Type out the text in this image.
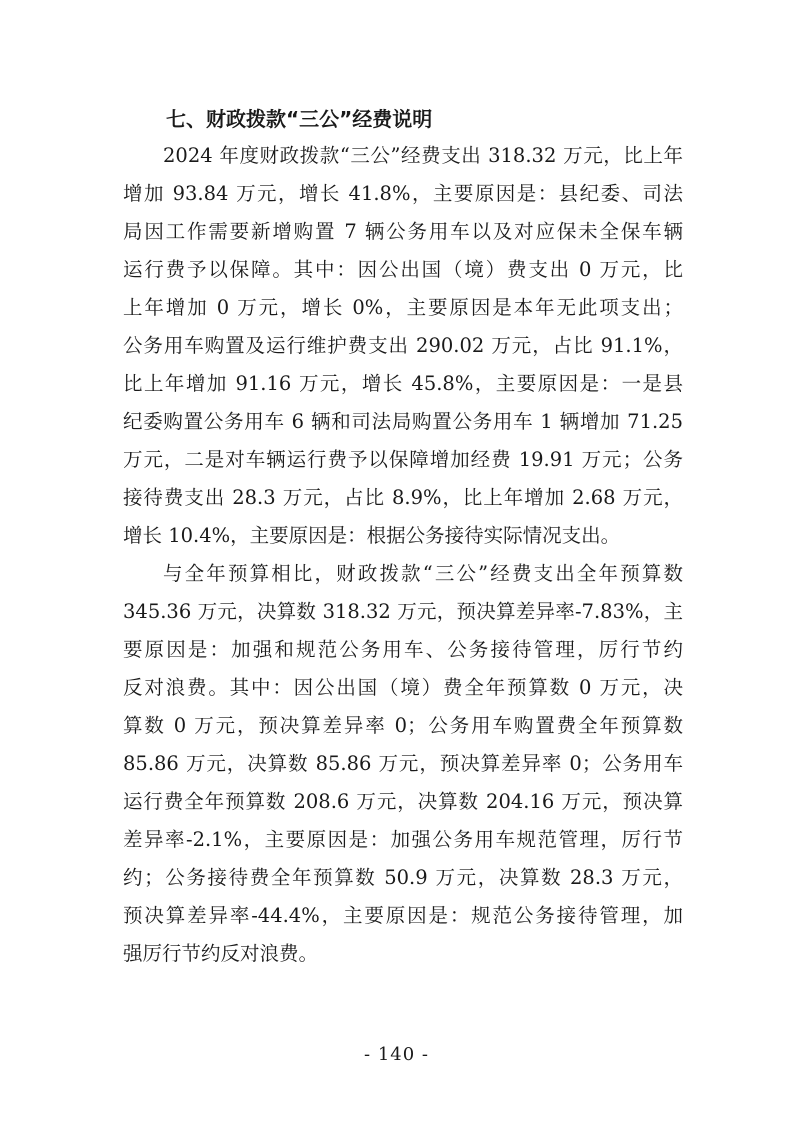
七、财政拨款“三公”经费说明
2024 年度财政拨款“三公”经费支出 318.32 万元，比上年
增加 93.84 万元，增长 41.8%，主要原因是：县纪委、司法
局因工作需要新增购置 7 辆公务用车以及对应保未全保车辆
运行费予以保障。其中：因公出国（境）费支出 0 万元，比
上年增加 0 万元，增长 0%，主要原因是本年无此项支出；
公务用车购置及运行维护费支出 290.02 万元，占比 91.1%，
比上年增加 91.16 万元，增长 45.8%，主要原因是：一是县
纪委购置公务用车 6 辆和司法局购置公务用车 1 辆增加 71.25
万元，二是对车辆运行费予以保障增加经费 19.91 万元；公务
接待费支出 28.3 万元，占比 8.9%，比上年增加 2.68 万元，
增长 10.4%，主要原因是：根据公务接待实际情况支出。
与全年预算相比，财政拨款“三公”经费支出全年预算数
345.36 万元，决算数 318.32 万元，预决算差异率-7.83%，主
要原因是：加强和规范公务用车、公务接待管理，厉行节约
反对浪费。其中：因公出国（境）费全年预算数 0 万元，决
算数 0 万元，预决算差异率 0；公务用车购置费全年预算数
85.86 万元，决算数 85.86 万元，预决算差异率 0；公务用车
运行费全年预算数 208.6 万元，决算数 204.16 万元，预决算
差异率-2.1%，主要原因是：加强公务用车规范管理，厉行节
约；公务接待费全年预算数 50.9 万元，决算数 28.3 万元，
预决算差异率-44.4%，主要原因是：规范公务接待管理，加
强厉行节约反对浪费。
- 140 -
